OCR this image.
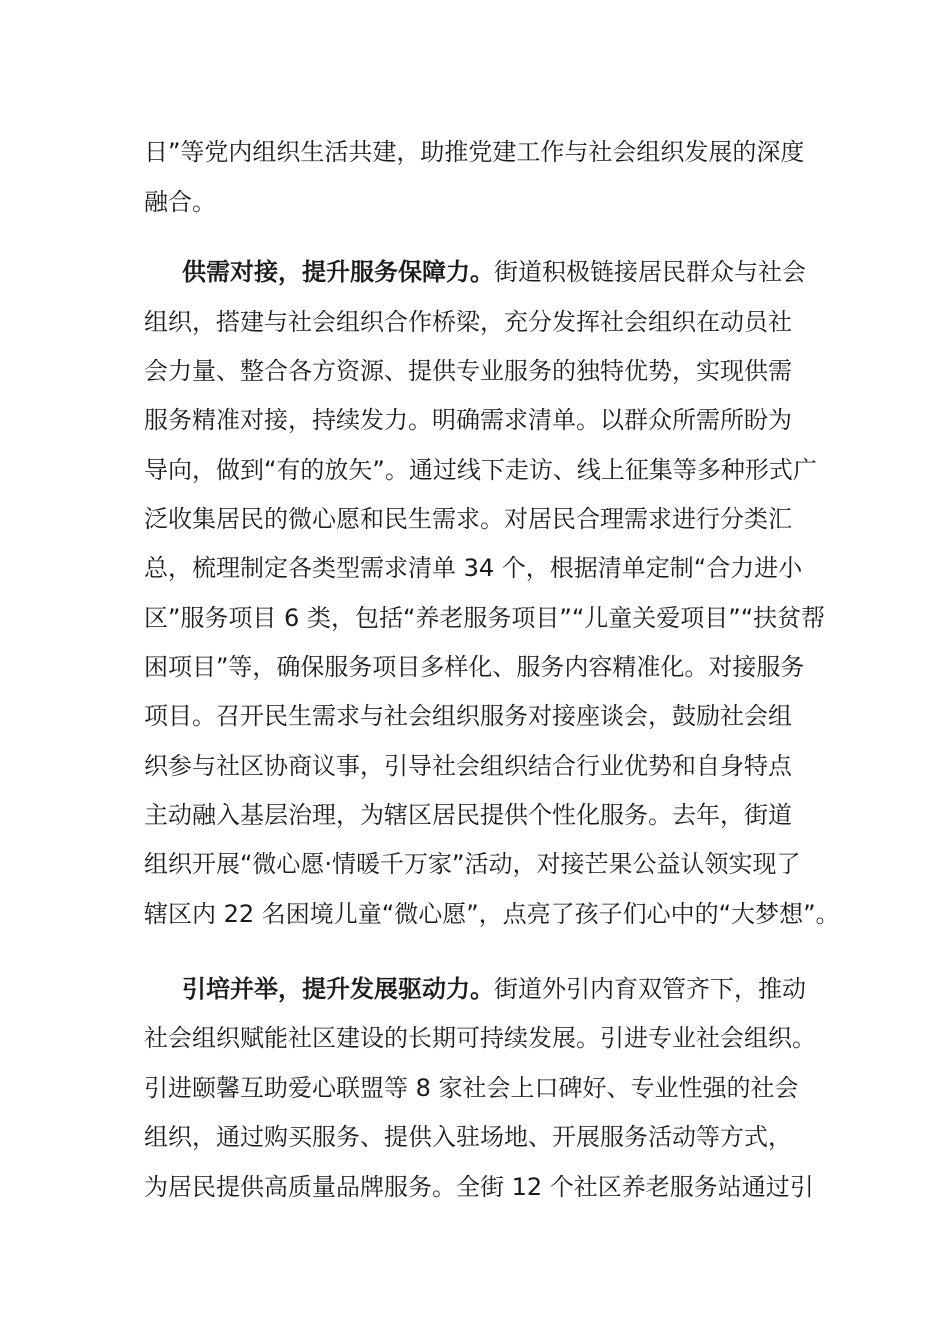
日”等党内组织生活共建，助推党建工作与社会组织发展的深度
融合。
供需对接，提升服务保障力。街道积极链接居民群众与社会
组织，搭建与社会组织合作桥梁，充分发挥社会组织在动员社
会力量、整合各方资源、提供专业服务的独特优势，实现供需
服务精准对接，持续发力。明确需求清单。以群众所需所盼为
导向，做到“有的放矢”。通过线下走访、线上征集等多种形式广
泛收集居民的微心愿和民生需求。对居民合理需求进行分类汇
总，梳理制定各类型需求清单 34 个，根据清单定制“合力进小
区”服务项目 6 类，包括“养老服务项目”“儿童关爱项目”“扶贫帮
困项目”等，确保服务项目多样化、服务内容精准化。对接服务
项目。召开民生需求与社会组织服务对接座谈会，鼓励社会组
织参与社区协商议事，引导社会组织结合行业优势和自身特点
主动融入基层治理，为辖区居民提供个性化服务。去年，街道
组织开展“微心愿·情暖千万家”活动，对接芒果公益认领实现了
辖区内 22 名困境儿童“微心愿”，点亮了孩子们心中的“大梦想”。
引培并举，提升发展驱动力。街道外引内育双管齐下，推动
社会组织赋能社区建设的长期可持续发展。引进专业社会组织。
引进颐馨互助爱心联盟等 8 家社会上口碑好、专业性强的社会
组织，通过购买服务、提供入驻场地、开展服务活动等方式，
为居民提供高质量品牌服务。全街 12 个社区养老服务站通过引
